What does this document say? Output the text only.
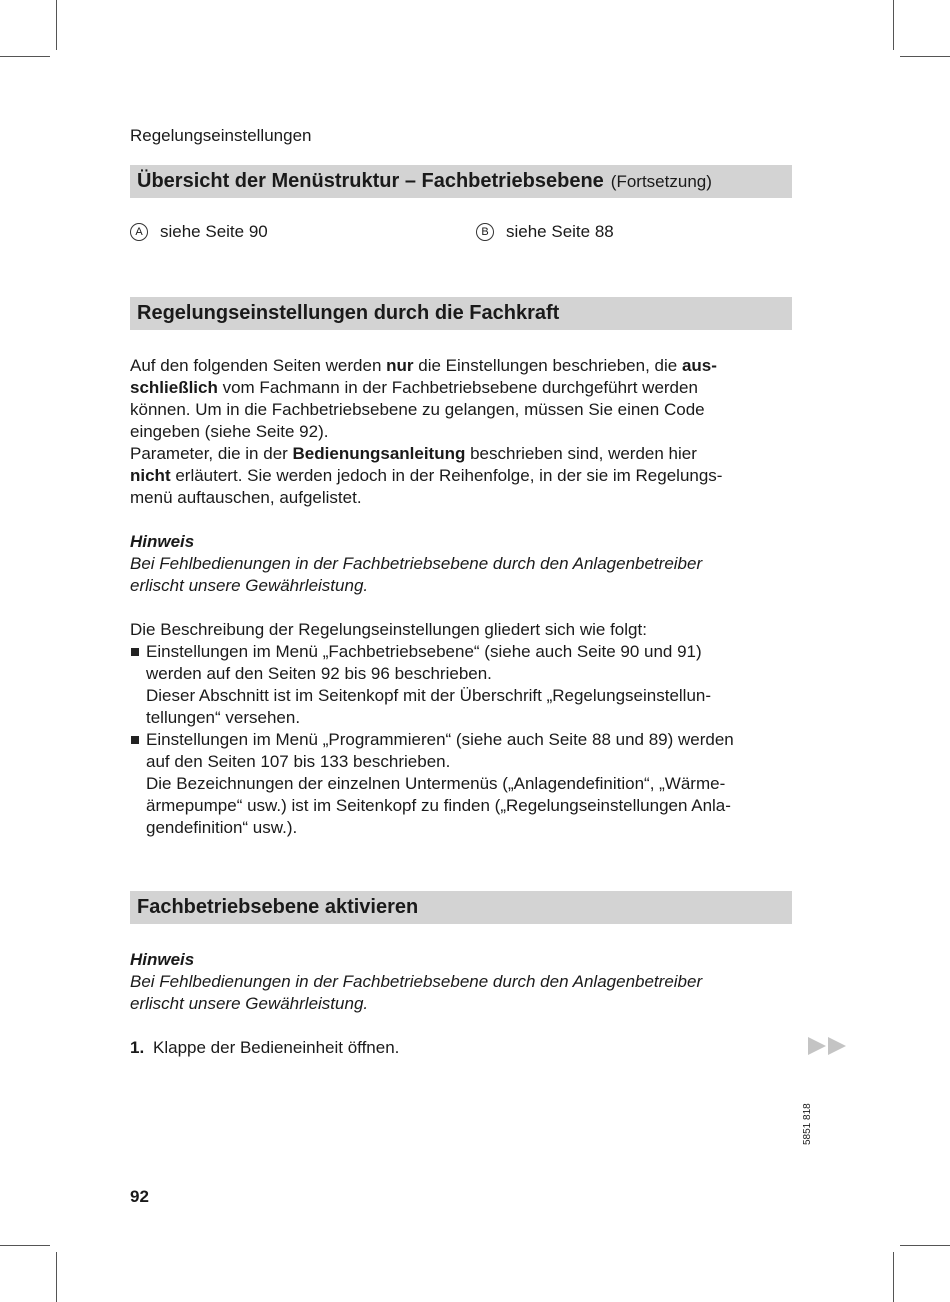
Regelungseinstellungen
Übersicht der Menüstruktur – Fachbetriebsebene (Fortsetzung)
A	siehe Seite 90	B	siehe Seite 88
Regelungseinstellungen durch die Fachkraft

Auf den folgenden Seiten werden nur die Einstellungen beschrieben, die aus-

schließlich vom Fachmann in der Fachbetriebsebene durchgeführt werden

können. Um in die Fachbetriebsebene zu gelangen, müssen Sie einen Code

eingeben (siehe Seite 92).

Parameter, die in der Bedienungsanleitung beschrieben sind, werden hier

nicht erläutert. Sie werden jedoch in der Reihenfolge, in der sie im Regelungs-

menü auftauschen, aufgelistet.

Hinweis

Bei Fehlbedienungen in der Fachbetriebsebene durch den Anlagenbetreiber

erlischt unsere Gewährleistung.

Die Beschreibung der Regelungseinstellungen gliedert sich wie folgt:

Einstellungen im Menü „Fachbetriebsebene“ (siehe auch Seite 90 und 91)

werden auf den Seiten 92 bis 96 beschrieben.

Dieser Abschnitt ist im Seitenkopf mit der Überschrift „Regelungseinstellun-

tellungen“ versehen.

Einstellungen im Menü „Programmieren“ (siehe auch Seite 88 und 89) werden

auf den Seiten 107 bis 133 beschrieben.

Die Bezeichnungen der einzelnen Untermenüs („Anlagendefinition“, „Wärme-

ärmepumpe“ usw.) ist im Seitenkopf zu finden („Regelungseinstellungen Anla-

gendefinition“ usw.).

Fachbetriebsebene aktivieren

Hinweis

Bei Fehlbedienungen in der Fachbetriebsebene durch den Anlagenbetreiber

erlischt unsere Gewährleistung.

1. Klappe der Bedieneinheit öffnen.
92
5851 818
